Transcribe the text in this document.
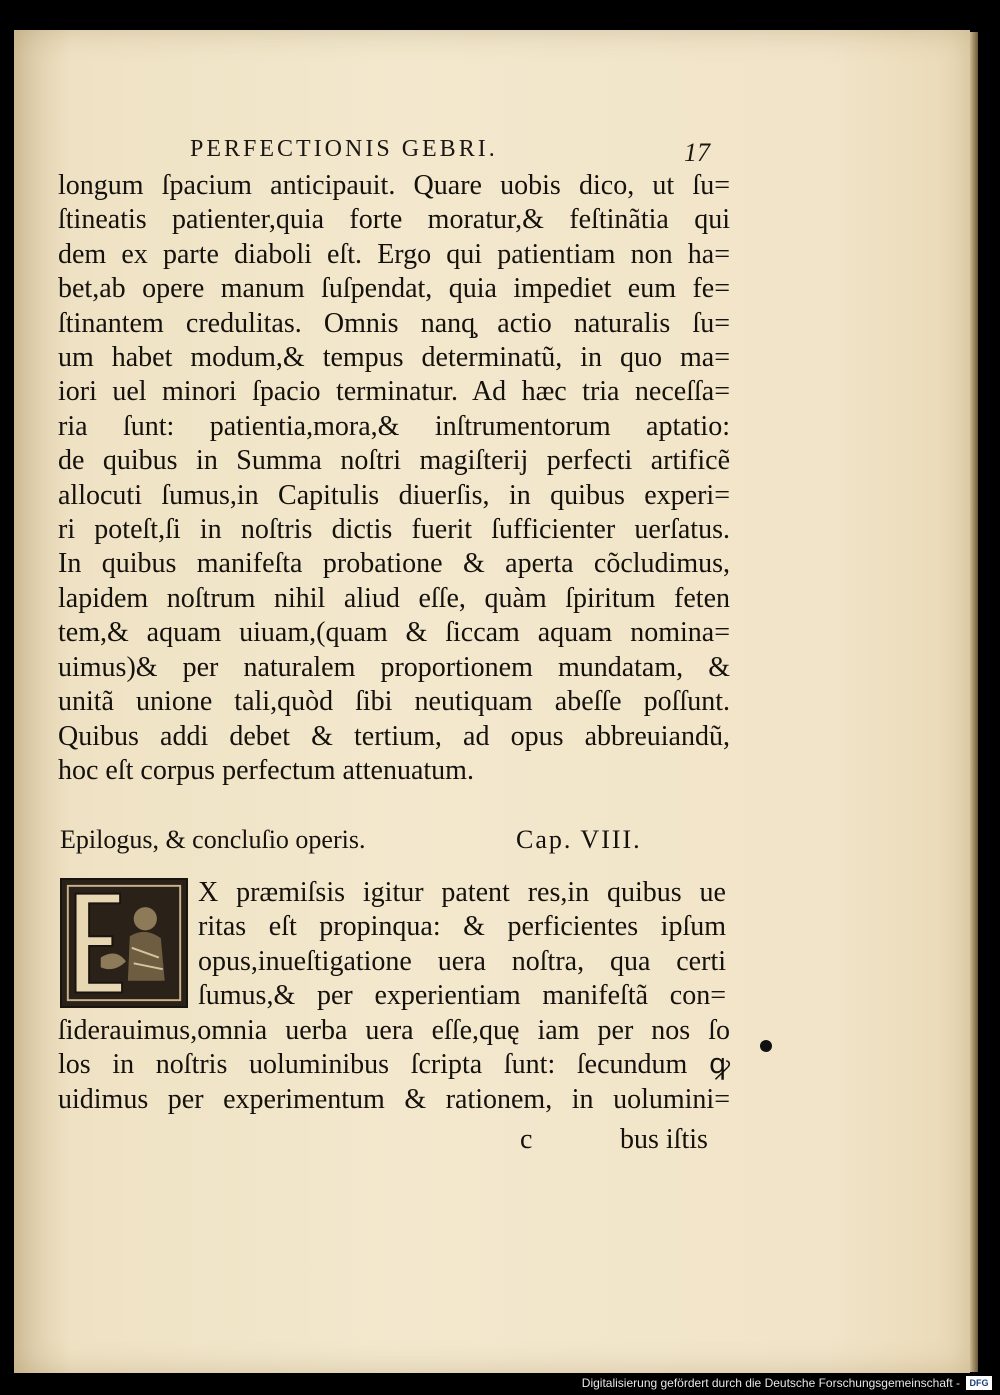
PERFECTIONIS GEBRI.	17
longum ſpacium anticipauit. Quare uobis dico, ut ſu=
ſtineatis patienter,quia forte moratur,& feſtinãtia qui
dem ex parte diaboli eſt. Ergo qui patientiam non ha=
bet,ab opere manum ſuſpendat, quia impediet eum fe=
ſtinantem credulitas. Omnis nanq̧ actio naturalis ſu=
um habet modum,& tempus determinatũ, in quo ma=
iori uel minori ſpacio terminatur. Ad hæc tria neceſſa=
ria ſunt: patientia,mora,& inſtrumentorum aptatio:
de quibus in Summa noſtri magiſterij perfecti artificẽ
allocuti ſumus,in Capitulis diuerſis, in quibus experi=
ri poteſt,ſi in noſtris dictis fuerit ſufficienter uerſatus.
In quibus manifeſta probatione & aperta cõcludimus,
lapidem noſtrum nihil aliud eſſe, quàm ſpiritum feten
tem,& aquam uiuam,(quam & ſiccam aquam nomina=
uimus)& per naturalem proportionem mundatam, &
unitã unione tali,quòd ſibi neutiquam abeſſe poſſunt.
Quibus addi debet & tertium, ad opus abbreuiandũ,
hoc eſt corpus perfectum attenuatum.
Epilogus, & concluſio operis.	Cap. VIII.
X præmiſsis igitur patent res,in quibus ue
ritas eſt propinqua: & perficientes ipſum
opus,inueſtigatione uera noſtra, qua certi
ſumus,& per experientiam manifeſtã con=
ſiderauimus,omnia uerba uera eſſe,quę iam per nos ſo
los in noſtris uoluminibus ſcripta ſunt: ſecundum ꝙ
uidimus per experimentum & rationem, in uolumini=
c	bus iſtis
Digitalisierung gefördert durch die Deutsche Forschungsgemeinschaft -	DFG
